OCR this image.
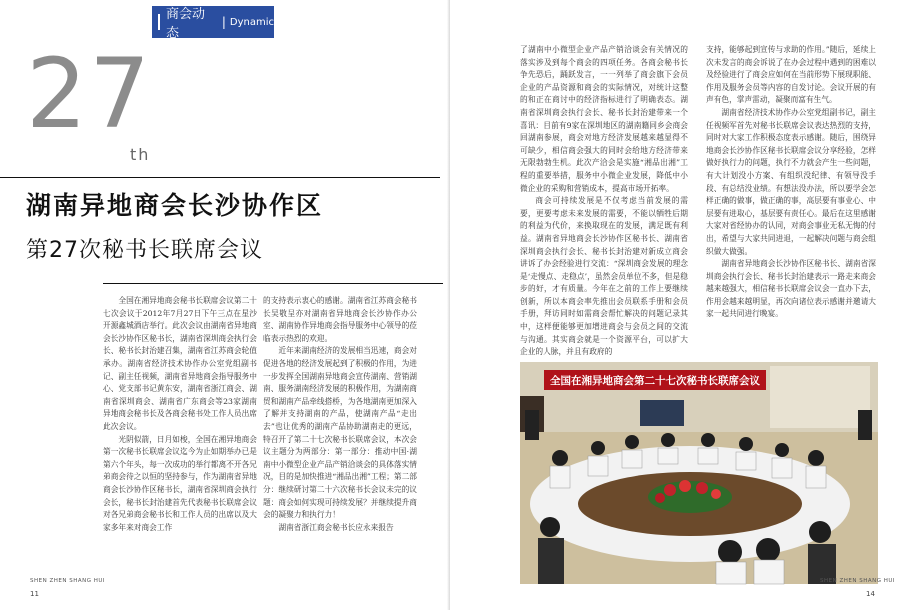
商会动态
| Dynamic
27
th
湖南异地商会长沙协作区
第27次秘书长联席会议

全国在湘异地商会秘书长联席会议第二十七次会议于2012年7月27日下午三点在星沙开源鑫城酒店举行。此次会议由湖南省异地商会长沙协作区秘书长，湖南省深圳商会执行会长、秘书长封治建召集，湖南省江苏商会轮值承办。湖南省经济技术协作办公室党组副书记、副主任视频，湖南省异地商会指导服务中心、党支部书记黄东安，湖南省浙江商会、湖南省深圳商会、湖南省广东商会等23家湖南异地商会秘书长及各商会秘书处工作人员出席此次会议。

光阴似箭，日月如梭，全国在湘异地商会第一次秘书长联席会议迄今为止如期举办已是第六个年头，每一次成功的举行都离不开各兄弟商会待之以恒的坚持参与，作为湖南省异地商会长沙协作区秘书长，湖南省深圳商会执行会长，秘书长封治建首先代表秘书长联席会议对各兄弟商会秘书长和工作人员的出席以及大家多年来对商会工作

的支持表示衷心的感谢。湖南省江苏商会秘书长吴敬呈亦对湖南省异地商会长沙协作办公室、湖南协作异地商会指导服务中心领导的莅临表示热烈的欢迎。

近年来湖南经济的发展相当迅速，商会对促进各地的经济发展起到了积极的作用，为进一步发挥全国湖南异地商会宣传湖南、营销湖南、服务湖南经济发展的积极作用，为湖南商贸和湖南产品牵线搭桥，为各地湖南更加深入了解并支持湖南的产品，使湖南产品“走出去”也让优秀的湖南产品协助湖南走的更远，特召开了第二十七次秘书长联席会议，本次会议主题分为两部分：第一部分：推动中国·湖南中小微型企业产品产销洽谈会的具体落实情况，目的是加快推进“湘品出湘”工程；第二部分：继续研讨第二十六次秘书长会议未完的议题：商会如何实现可持续发展？并继续提升商会的凝聚力和执行力！

湖南省浙江商会秘书长应永来报告

SHEN ZHEN SHANG HUI
11

了湖南中小微型企业产品产销洽谈会有关情况的落实涉及到每个商会的四项任务。各商会秘书长争先恐后，踊跃发言，一一列举了商会旗下会员企业的产品资源和商会的实际情况，对统计这整的和正在商讨中的经济指标进行了明确表态。湖南省深圳商会执行会长、秘书长封治建带来一个喜讯：目前有9家在深圳地区的湖南籍同乡会商会回湖南参展，商会对地方经济发展越来越显得不可缺少，相信商会强大的同时会给地方经济带来无限勃勃生机。此次产洽会是实施“湘品出湘”工程的重要举措，服务中小微企业发展，降低中小微企业的采购和营销成本，提高市场开拓率。

商会可持续发展是不仅考虑当前发展的需要，更要考虑未来发展的需要，不能以牺牲后期的利益为代价，来换取现在的发展，满足既有利益。湖南省异地商会长沙协作区秘书长、湖南省深圳商会执行会长、秘书长封治建对新成立商会讲诉了办会经验进行交流：“深圳商会发展的理念是‘走慢点、走稳点’，虽然会员单位不多，但是稳步的好，才有质量。今年在之前的工作上要继续创新，所以本商会率先推出会员联系手册和会员手册，拜访同时如需商会帮忙解决的问题记录其中，这样便能够更加增进商会与会员之间的交流与沟通。其实商会就是一个资源平台，可以扩大企业的人脉，并且有政府的

支持，能够起到宣传与求助的作用。”随后，延续上次未发言的商会诉说了在办会过程中遇到的困难以及经验进行了商会应如何在当前形势下展现职能、作用及服务会员等内容的自发讨论。会议开展的有声有色，掌声雷动，凝聚而富有生气。

湖南省经济技术协作办公室党组副书记，副主任视频军首先对秘书长联席会议表达热烈的支持，同时对大家工作积极态度表示感谢。随后，围绕异地商会长沙协作区秘书长联席会议分享经验，怎样做好执行力的问题，执行不力就会产生一些问题，有大计划没小方案、有组织没纪律、有领导没手段、有总结没业绩。有想法没办法，所以要学会怎样正确的做事，做正确的事，高层要有事业心、中层要有进取心，基层要有责任心。最后在这里感谢大家对省经协办的认同，对商会事业无私无悔的付出，希望与大家共同进退，一起解决问题与商会组织做大做强。

湖南省异地商会长沙协作区秘书长、湖南省深圳商会执行会长、秘书长封治建表示一路走来商会越来越强大，相信秘书长联席会议会一直办下去，作用会越来越明显，再次向诸位表示感谢并邀请大家一起共同进行晚宴。

全国在湘异地商会第二十七次秘书长联席会议
SHEN ZHEN SHANG HUI
14
